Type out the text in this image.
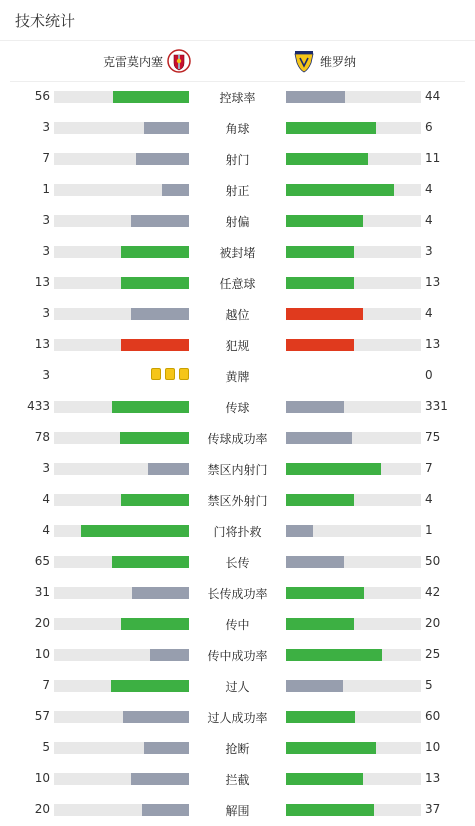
技术统计
克雷莫内塞	维罗纳
56	控球率	44
3	角球	6
7	射门	11
1	射正	4
3	射偏	4
3	被封堵	3
13	任意球	13
3	越位	4
13	犯规	13
3	黄牌	0
433	传球	331
78	传球成功率	75
3	禁区内射门	7
4	禁区外射门	4
4	门将扑救	1
65	长传	50
31	长传成功率	42
20	传中	20
10	传中成功率	25
7	过人	5
57	过人成功率	60
5	抢断	10
10	拦截	13
20	解围	37
